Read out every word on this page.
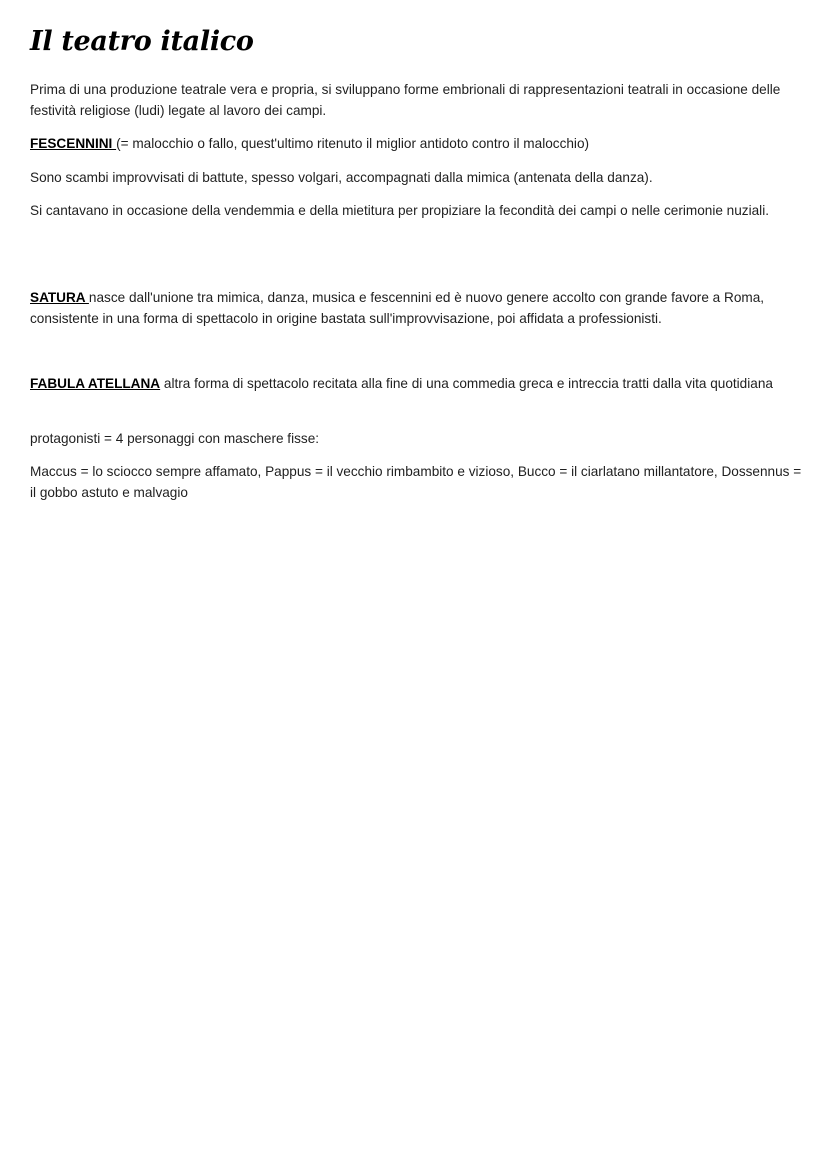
Il teatro italico

Prima di una produzione teatrale vera e propria, si sviluppano forme embrionali di rappresentazioni teatrali in occasione delle festività religiose (ludi) legate al lavoro dei campi.

FESCENNINI (= malocchio o fallo, quest'ultimo ritenuto il miglior antidoto contro il malocchio)

Sono scambi improvvisati di battute, spesso volgari, accompagnati dalla mimica (antenata della danza).

Si cantavano in occasione della vendemmia e della mietitura per propiziare la fecondità dei campi o nelle cerimonie nuziali.

SATURA nasce dall'unione tra mimica, danza, musica e fescennini ed è nuovo genere accolto con grande favore a Roma, consistente in una forma di spettacolo in origine bastata sull'improvvisazione, poi affidata a professionisti.

FABULA ATELLANA altra forma di spettacolo recitata alla fine di una commedia greca e intreccia tratti dalla vita quotidiana

protagonisti = 4 personaggi con maschere fisse:

Maccus = lo sciocco sempre affamato, Pappus = il vecchio rimbambito e vizioso, Bucco = il ciarlatano millantatore, Dossennus = il gobbo astuto e malvagio
